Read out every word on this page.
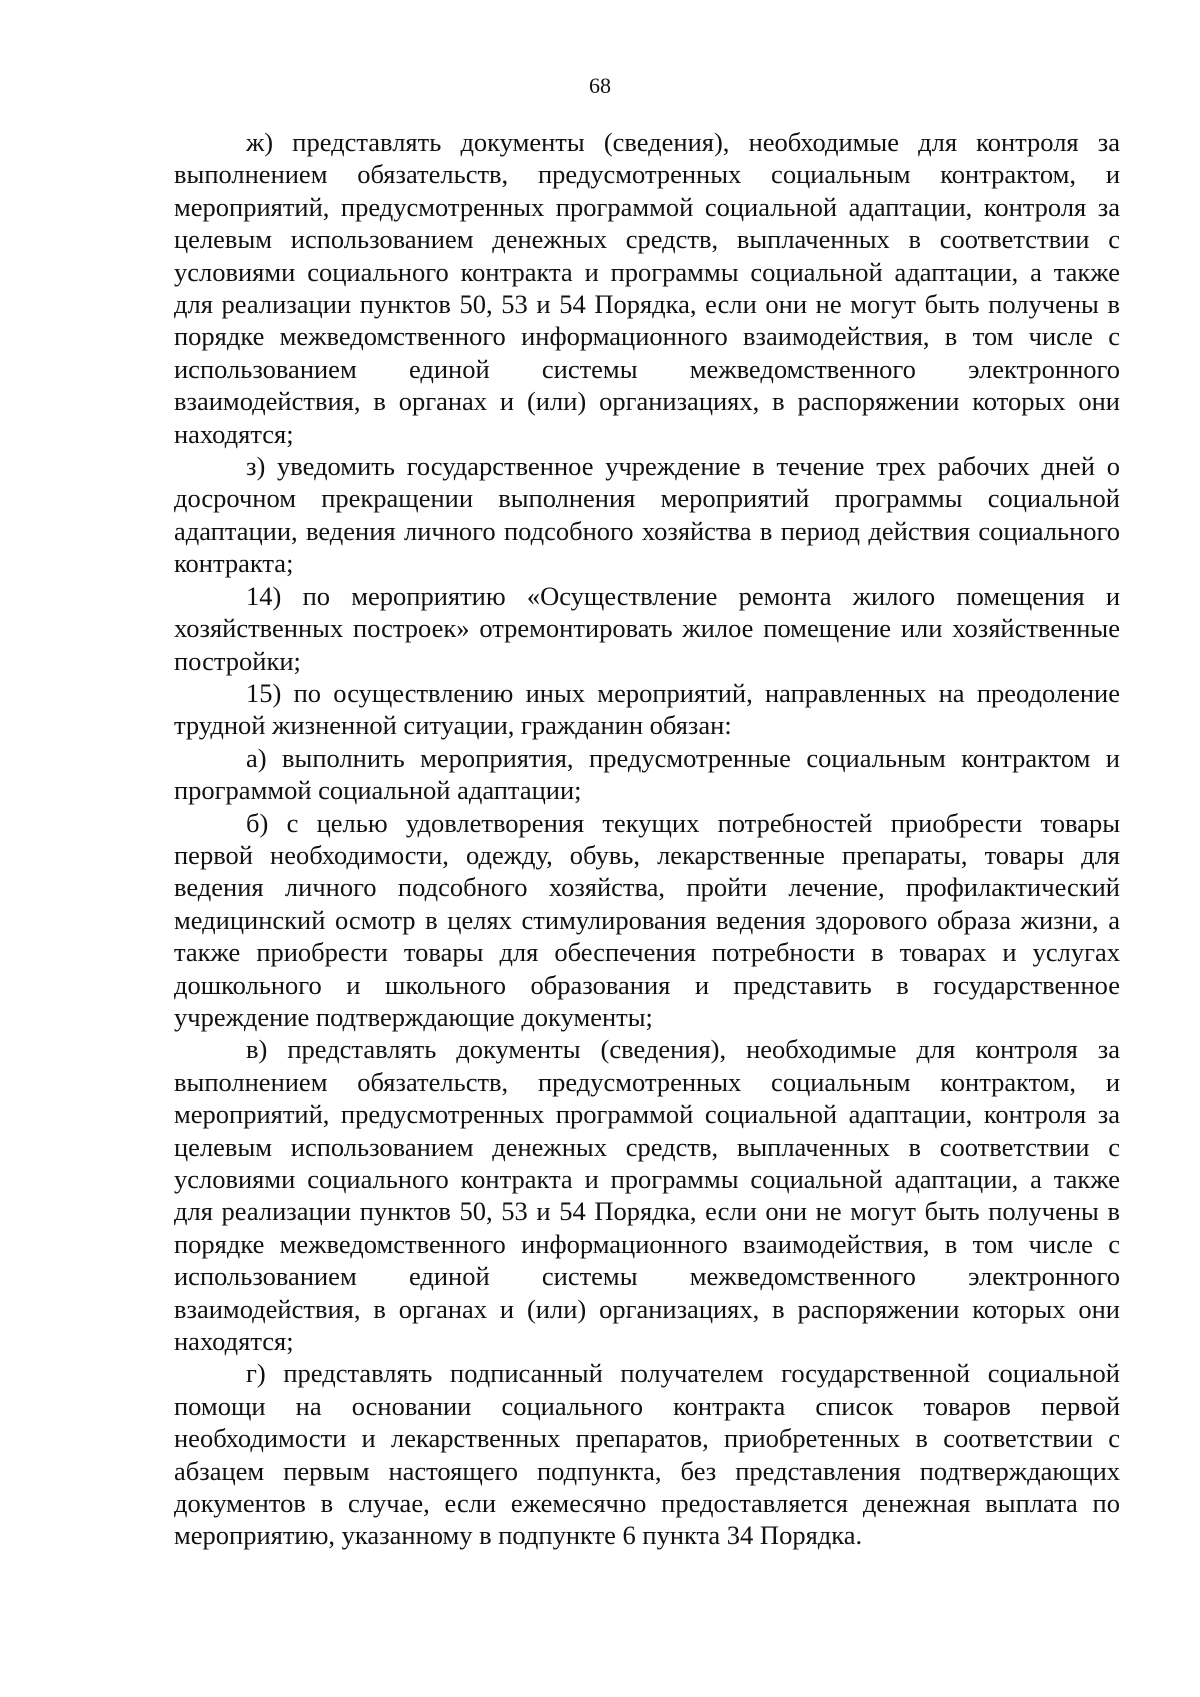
68

ж) представлять документы (сведения), необходимые для контроля за выполнением обязательств, предусмотренных социальным контрактом, и мероприятий, предусмотренных программой социальной адаптации, контроля за целевым использованием денежных средств, выплаченных в соответствии с условиями социального контракта и программы социальной адаптации, а также для реализации пунктов 50, 53 и 54 Порядка, если они не могут быть получены в порядке межведомственного информационного взаимодействия, в том числе с использованием единой системы межведомственного электронного взаимодействия, в органах и (или) организациях, в распоряжении которых они находятся;

з) уведомить государственное учреждение в течение трех рабочих дней о досрочном прекращении выполнения мероприятий программы социальной адаптации, ведения личного подсобного хозяйства в период действия социального контракта;

14) по мероприятию «Осуществление ремонта жилого помещения и хозяйственных построек» отремонтировать жилое помещение или хозяйственные постройки;

15) по осуществлению иных мероприятий, направленных на преодоление трудной жизненной ситуации, гражданин обязан:

а) выполнить мероприятия, предусмотренные социальным контрактом и программой социальной адаптации;

б) с целью удовлетворения текущих потребностей приобрести товары первой необходимости, одежду, обувь, лекарственные препараты, товары для ведения личного подсобного хозяйства, пройти лечение, профилактический медицинский осмотр в целях стимулирования ведения здорового образа жизни, а также приобрести товары для обеспечения потребности в товарах и услугах дошкольного и школьного образования и представить в государственное учреждение подтверждающие документы;

в) представлять документы (сведения), необходимые для контроля за выполнением обязательств, предусмотренных социальным контрактом, и мероприятий, предусмотренных программой социальной адаптации, контроля за целевым использованием денежных средств, выплаченных в соответствии с условиями социального контракта и программы социальной адаптации, а также для реализации пунктов 50, 53 и 54 Порядка, если они не могут быть получены в порядке межведомственного информационного взаимодействия, в том числе с использованием единой системы межведомственного электронного взаимодействия, в органах и (или) организациях, в распоряжении которых они находятся;

г) представлять подписанный получателем государственной социальной помощи на основании социального контракта список товаров первой необходимости и лекарственных препаратов, приобретенных в соответствии с абзацем первым настоящего подпункта, без представления подтверждающих документов в случае, если ежемесячно предоставляется денежная выплата по мероприятию, указанному в подпункте 6 пункта 34 Порядка.
